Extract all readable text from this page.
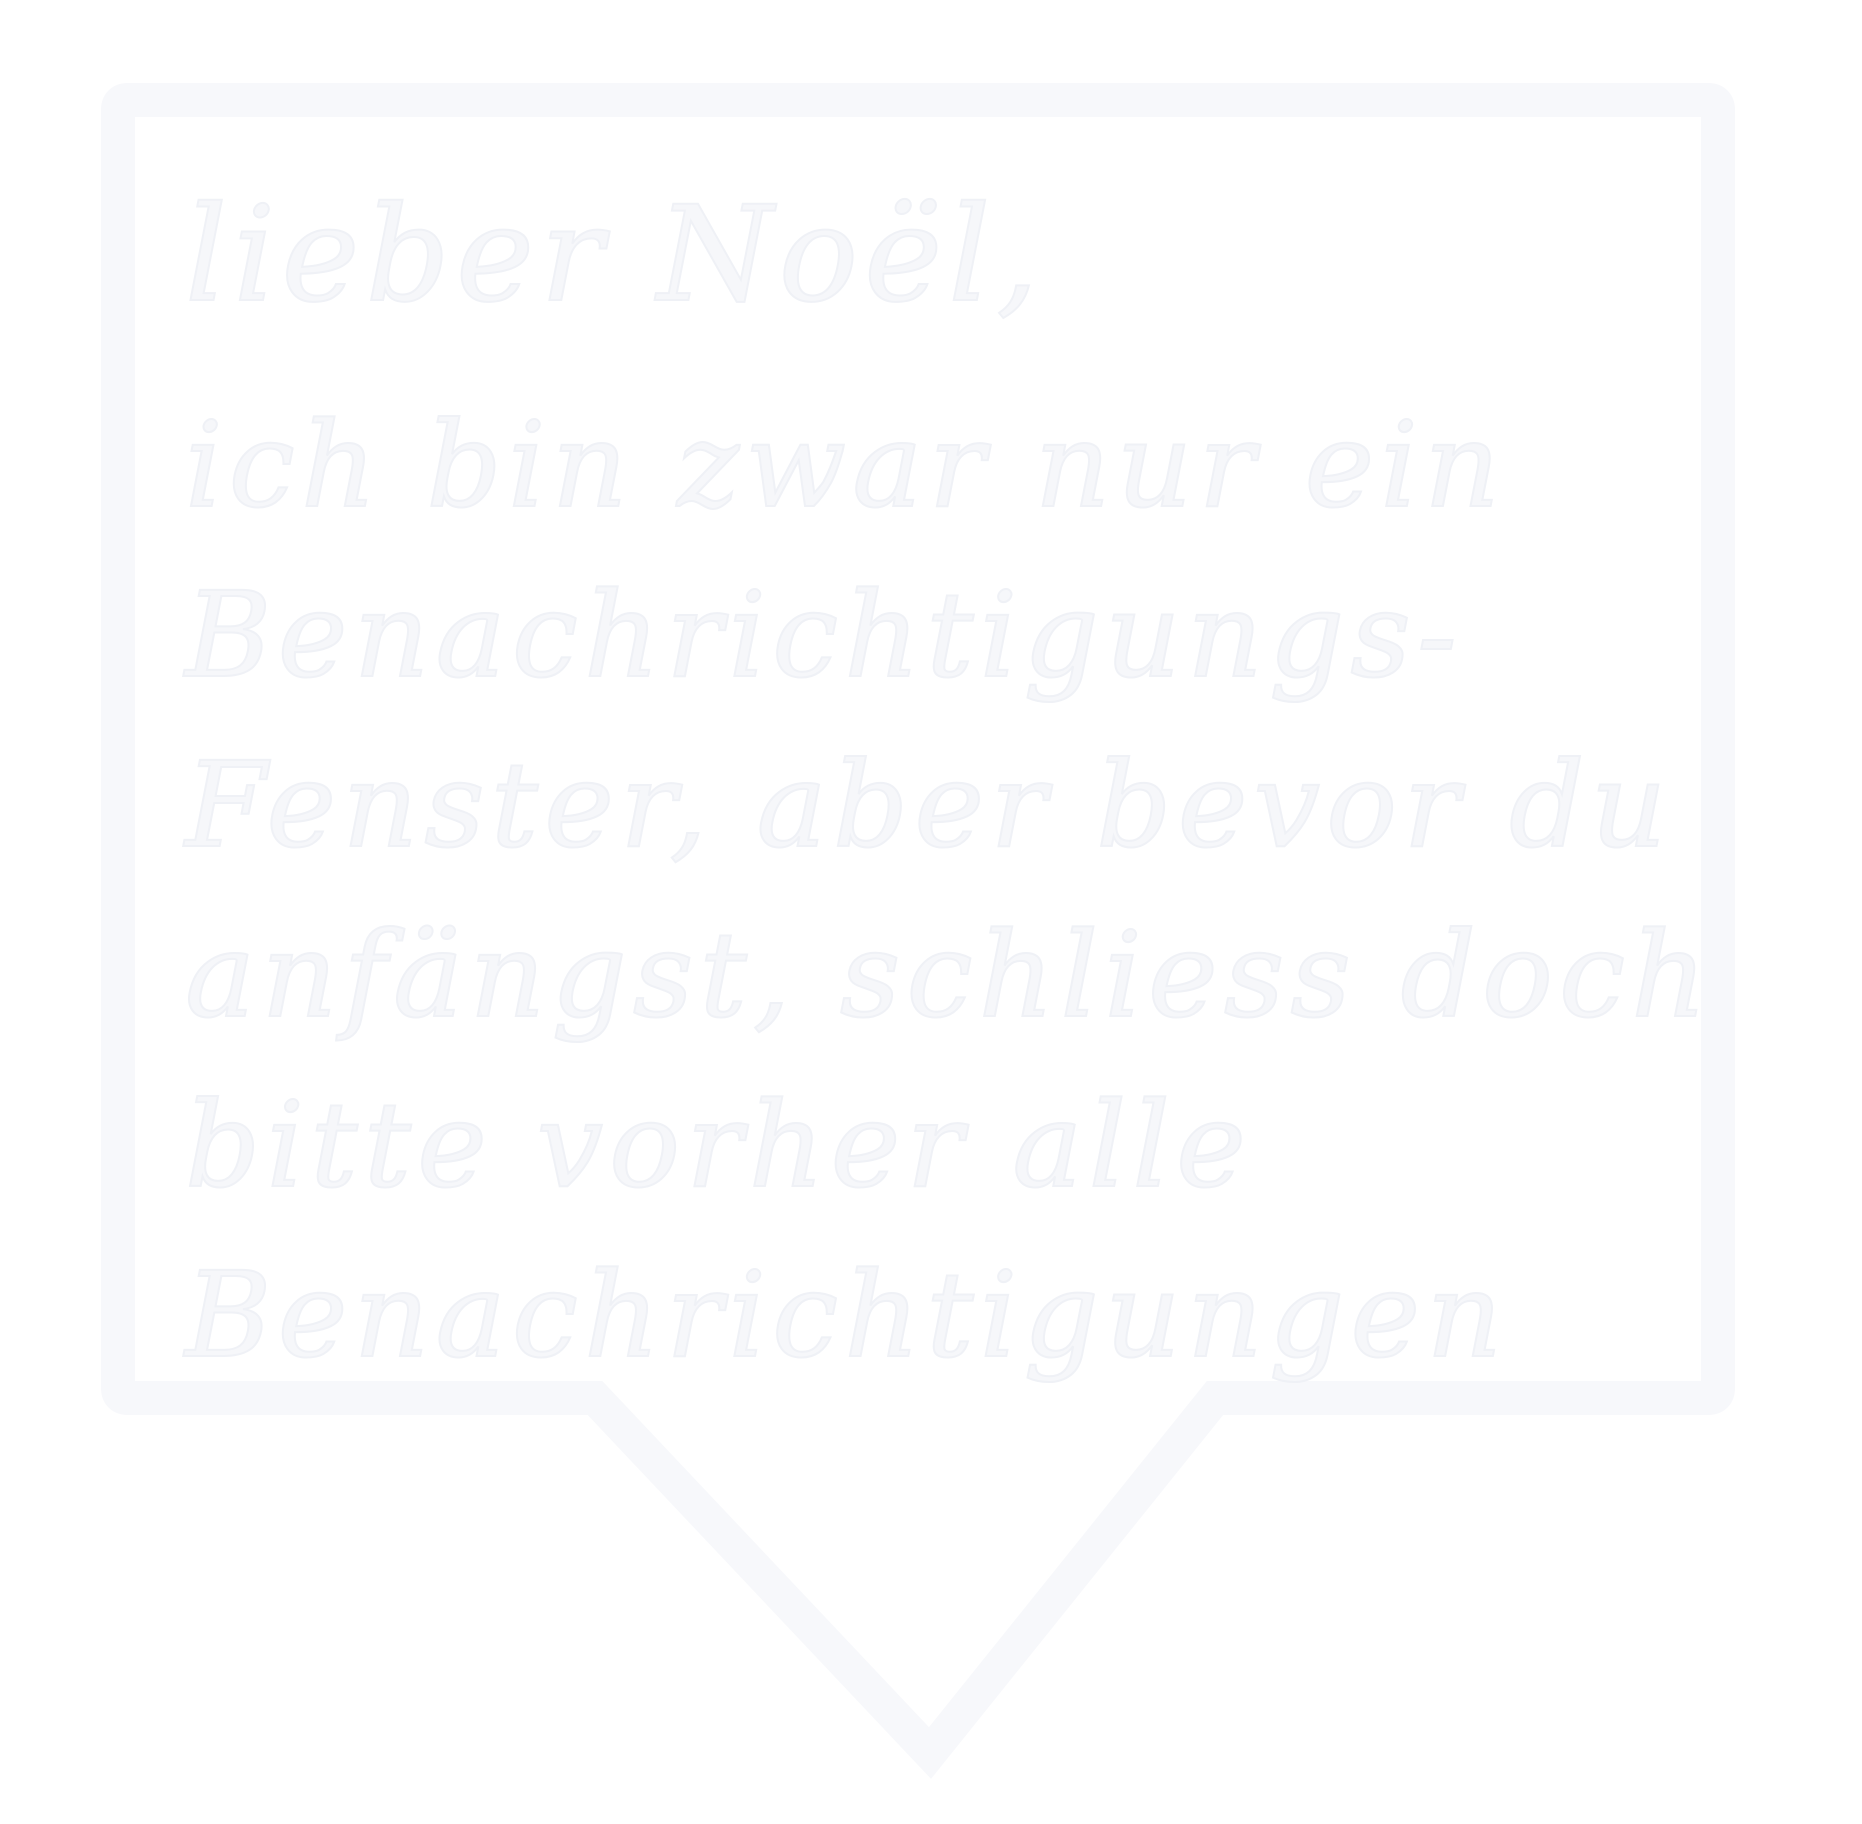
lieber Noël,
ich bin zwar nur ein
Benachrichtigungs-
Fenster, aber bevor du
anfängst, schliess doch
bitte vorher alle
Benachrichtigungen
